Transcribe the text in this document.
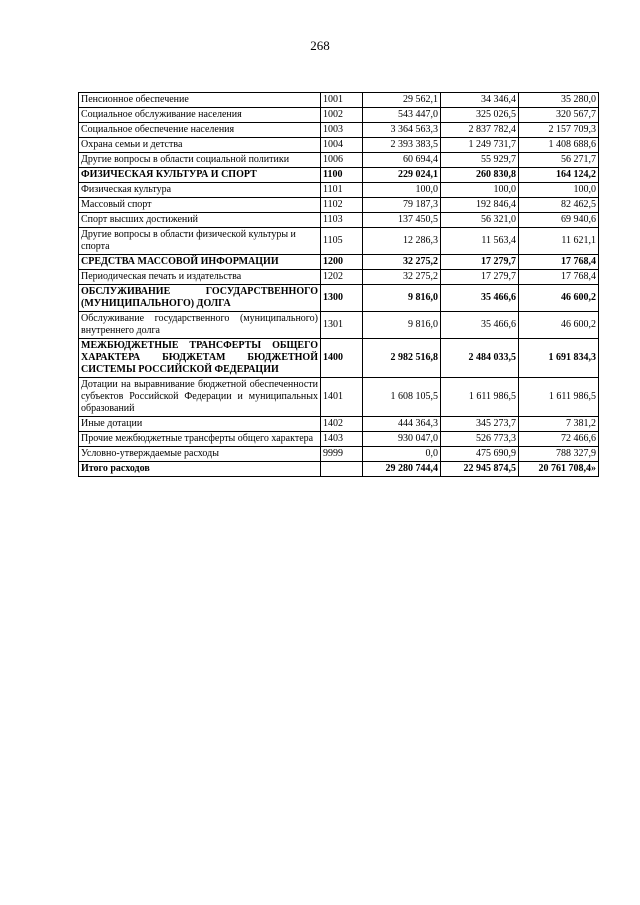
268
Пенсионное обеспечение	1001	29 562,1	34 346,4	35 280,0
Социальное обслуживание населения	1002	543 447,0	325 026,5	320 567,7
Социальное обеспечение населения	1003	3 364 563,3	2 837 782,4	2 157 709,3
Охрана семьи и детства	1004	2 393 383,5	1 249 731,7	1 408 688,6
Другие вопросы в области социальной политики	1006	60 694,4	55 929,7	56 271,7
ФИЗИЧЕСКАЯ КУЛЬТУРА И СПОРТ	1100	229 024,1	260 830,8	164 124,2
Физическая культура	1101	100,0	100,0	100,0
Массовый спорт	1102	79 187,3	192 846,4	82 462,5
Спорт высших достижений	1103	137 450,5	56 321,0	69 940,6
Другие вопросы в области физической культуры и спорта	1105	12 286,3	11 563,4	11 621,1
СРЕДСТВА МАССОВОЙ ИНФОРМАЦИИ	1200	32 275,2	17 279,7	17 768,4
Периодическая печать и издательства	1202	32 275,2	17 279,7	17 768,4
ОБСЛУЖИВАНИЕ ГОСУДАРСТВЕННОГО (МУНИЦИПАЛЬНОГО) ДОЛГА	1300	9 816,0	35 466,6	46 600,2
Обслуживание государственного (муниципального) внутреннего долга	1301	9 816,0	35 466,6	46 600,2
МЕЖБЮДЖЕТНЫЕ ТРАНСФЕРТЫ ОБЩЕГО ХАРАКТЕРА БЮДЖЕТАМ БЮДЖЕТНОЙ СИСТЕМЫ РОССИЙСКОЙ ФЕДЕРАЦИИ	1400	2 982 516,8	2 484 033,5	1 691 834,3
Дотации на выравнивание бюджетной обеспеченности субъектов Российской Федерации и муниципальных образований	1401	1 608 105,5	1 611 986,5	1 611 986,5
Иные дотации	1402	444 364,3	345 273,7	7 381,2
Прочие межбюджетные трансферты общего характера	1403	930 047,0	526 773,3	72 466,6
Условно-утверждаемые расходы	9999	0,0	475 690,9	788 327,9
Итого расходов		29 280 744,4	22 945 874,5	20 761 708,4»
